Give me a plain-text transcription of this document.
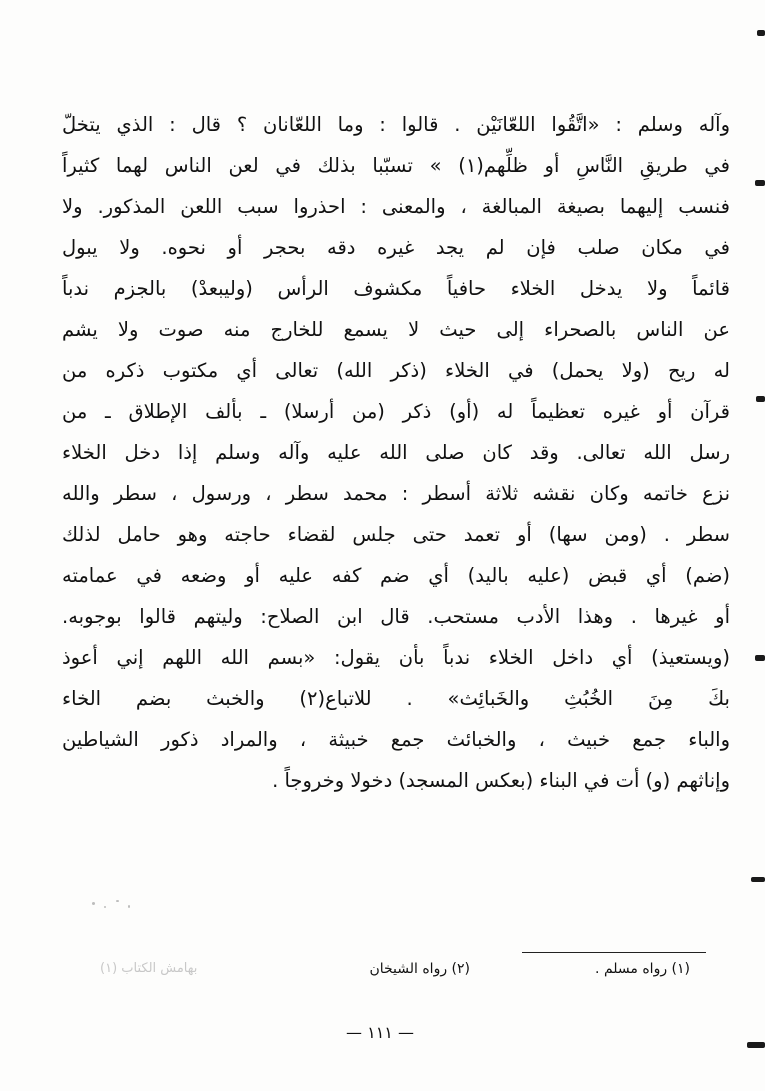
وآله وسلم : «اتَّقُوا اللعّانَيْن . قالوا : وما اللعّانان ؟ قال : الذي يتخلّ
في طريقِ النَّاسِ أو ظلِّهم(١) » تسبّبا بذلك في لعن الناس لهما كثيراً
فنسب إليهما بصيغة المبالغة ، والمعنى : احذروا سبب اللعن المذكور. ولا
في مكان صلب فإن لم يجد غيره دقه بحجر أو نحوه. ولا يبول
قائماً ولا يدخل الخلاء حافياً مكشوف الرأس (وليبعدْ) بالجزم ندباً
عن الناس بالصحراء إلى حيث لا يسمع للخارج منه صوت ولا يشم
له ريح (ولا يحمل) في الخلاء (ذكر الله) تعالى أي مكتوب ذكره من
قرآن أو غيره تعظيماً له (أو) ذكر (من أرسلا) ـ بألف الإطلاق ـ من
رسل الله تعالى. وقد كان صلى الله عليه وآله وسلم إذا دخل الخلاء
نزع خاتمه وكان نقشه ثلاثة أسطر : محمد سطر ، ورسول ، سطر والله
سطر . (ومن سها) أو تعمد حتى جلس لقضاء حاجته وهو حامل لذلك
(ضم) أي قبض (عليه باليد) أي ضم كفه عليه أو وضعه في عمامته
أو غيرها . وهذا الأدب مستحب. قال ابن الصلاح: وليتهم قالوا بوجوبه.
(ويستعيذ) أي داخل الخلاء ندباً بأن يقول: «بسم الله اللهم إني أعوذ
بكَ مِنَ الخُبُثِ والخَبائِث» . للاتباع(٢) والخبث بضم الخاء
والباء جمع خبيث ، والخبائث جمع خبيثة ، والمراد ذكور الشياطين
وإناثهم (و) أت في البناء (بعكس المسجد) دخولا وخروجاً .
(١) رواه مسلم .
(٢) رواه الشيخان
بهامش الكتاب (١)
— ١١١ —
